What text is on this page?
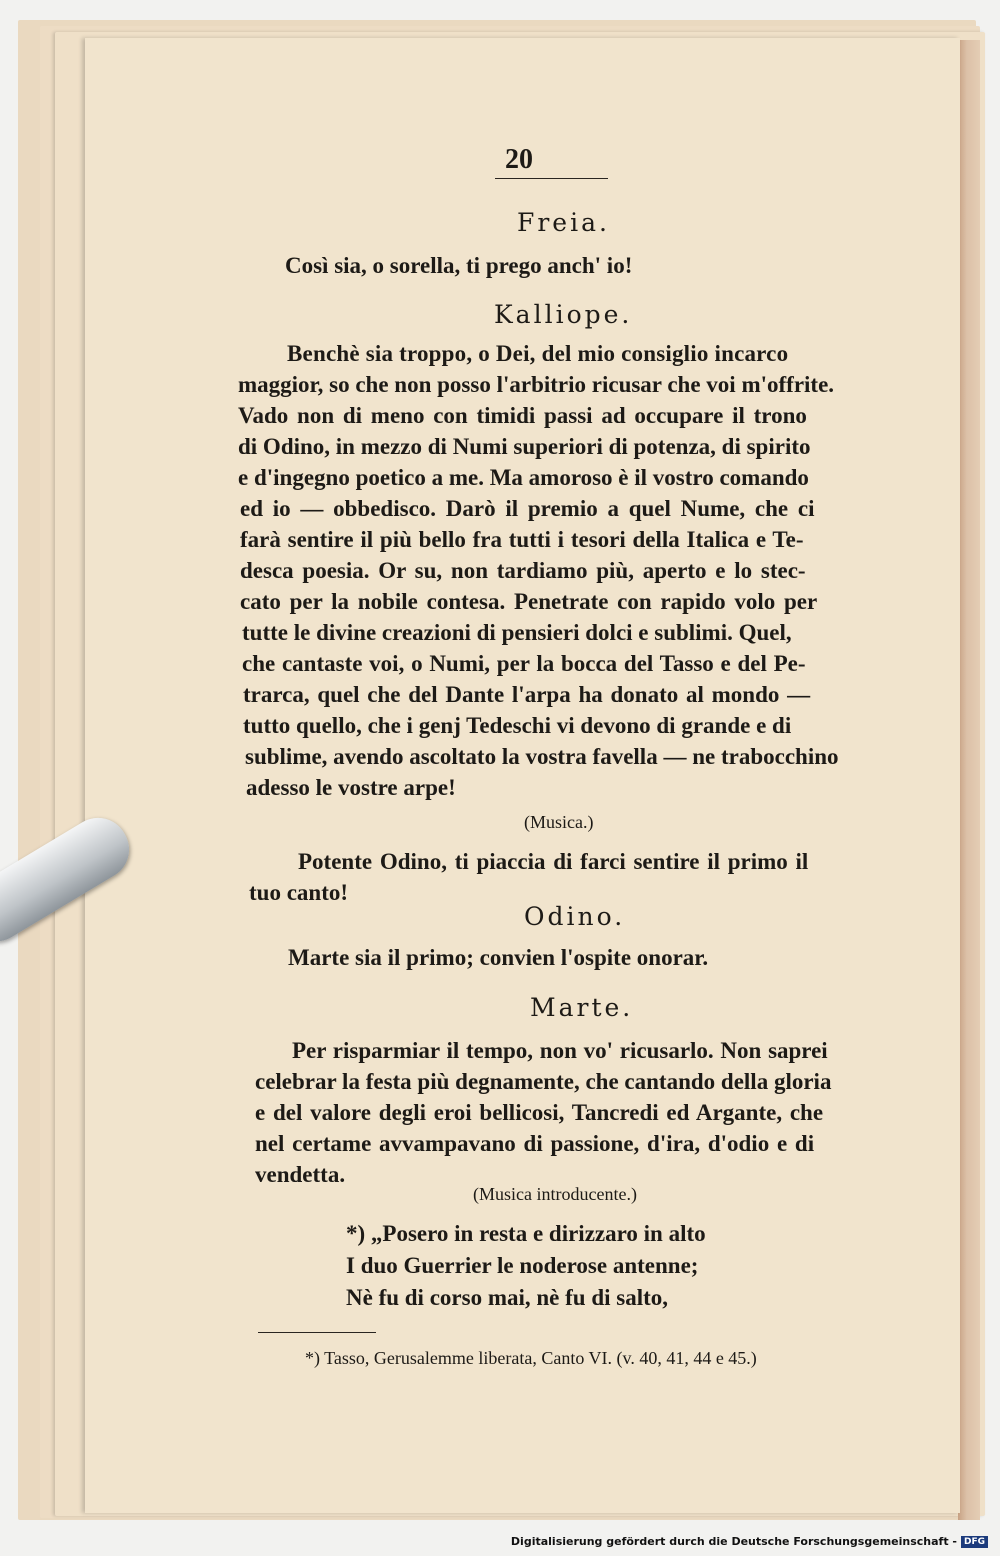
20
Freia.
Così sia, o sorella, ti prego anch' io!
Kalliope.
Benchè sia troppo, o Dei, del mio consiglio incarco
maggior, so che non posso l'arbitrio ricusar che voi m'offrite.
Vado non di meno con timidi passi ad occupare il trono
di Odino, in mezzo di Numi superiori di potenza, di spirito
e d'ingegno poetico a me. Ma amoroso è il vostro comando
ed io — obbedisco. Darò il premio a quel Nume, che ci
farà sentire il più bello fra tutti i tesori della Italica e Te-
desca poesia. Or su, non tardiamo più, aperto e lo stec-
cato per la nobile contesa. Penetrate con rapido volo per
tutte le divine creazioni di pensieri dolci e sublimi. Quel,
che cantaste voi, o Numi, per la bocca del Tasso e del Pe-
trarca, quel che del Dante l'arpa ha donato al mondo —
tutto quello, che i genj Tedeschi vi devono di grande e di
sublime, avendo ascoltato la vostra favella — ne trabocchino
adesso le vostre arpe!
(Musica.)
Potente Odino, ti piaccia di farci sentire il primo il
tuo canto!
Odino.
Marte sia il primo; convien l'ospite onorar.
Marte.
Per risparmiar il tempo, non vo' ricusarlo. Non saprei
celebrar la festa più degnamente, che cantando della gloria
e del valore degli eroi bellicosi, Tancredi ed Argante, che
nel certame avvampavano di passione, d'ira, d'odio e di
vendetta.
(Musica introducente.)
*) „Posero in resta e dirizzaro in alto
I duo Guerrier le noderose antenne;
Nè fu di corso mai, nè fu di salto,
*) Tasso, Gerusalemme liberata, Canto VI. (v. 40, 41, 44 e 45.)
Digitalisierung gefördert durch die Deutsche Forschungsgemeinschaft - DFG
